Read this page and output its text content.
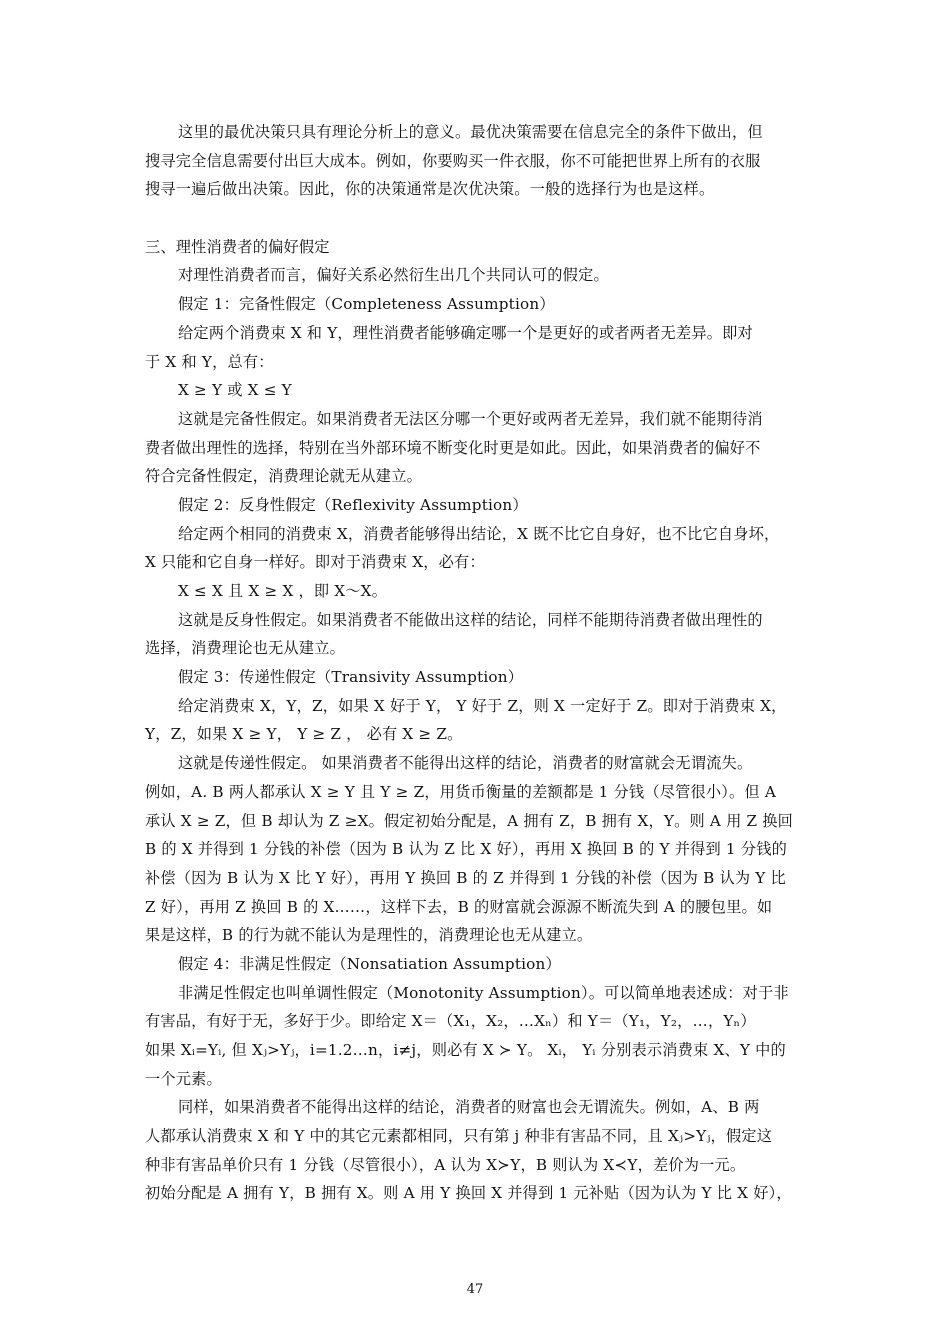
这里的最优决策只具有理论分析上的意义。最优决策需要在信息完全的条件下做出，但
搜寻完全信息需要付出巨大成本。例如，你要购买一件衣服，你不可能把世界上所有的衣服
搜寻一遍后做出决策。因此，你的决策通常是次优决策。一般的选择行为也是这样。
三、理性消费者的偏好假定
对理性消费者而言，偏好关系必然衍生出几个共同认可的假定。
假定 1：完备性假定（Completeness Assumption）
给定两个消费束 X 和 Y，理性消费者能够确定哪一个是更好的或者两者无差异。即对
于 X 和 Y，总有：
X ≥ Y 或 X ≤ Y
这就是完备性假定。如果消费者无法区分哪一个更好或两者无差异，我们就不能期待消
费者做出理性的选择，特别在当外部环境不断变化时更是如此。因此，如果消费者的偏好不
符合完备性假定，消费理论就无从建立。
假定 2：反身性假定（Reflexivity Assumption）
给定两个相同的消费束 X，消费者能够得出结论，X 既不比它自身好，也不比它自身坏，
X 只能和它自身一样好。即对于消费束 X，必有：
X ≤ X 且 X ≥ X ，即 X～X。
这就是反身性假定。如果消费者不能做出这样的结论，同样不能期待消费者做出理性的
选择，消费理论也无从建立。
假定 3：传递性假定（Transivity Assumption）
给定消费束 X，Y，Z，如果 X 好于 Y， Y 好于 Z，则 X 一定好于 Z。即对于消费束 X，
Y，Z，如果 X ≥ Y， Y ≥ Z ， 必有 X ≥ Z。
这就是传递性假定。 如果消费者不能得出这样的结论，消费者的财富就会无谓流失。
例如，A. B 两人都承认 X ≥ Y 且 Y ≥ Z，用货币衡量的差额都是 1 分钱（尽管很小）。但 A
承认 X ≥ Z，但 B 却认为 Z ≥X。假定初始分配是，A 拥有 Z，B 拥有 X，Y。则 A 用 Z 换回
B 的 X 并得到 1 分钱的补偿（因为 B 认为 Z 比 X 好），再用 X 换回 B 的 Y 并得到 1 分钱的
补偿（因为 B 认为 X 比 Y 好），再用 Y 换回 B 的 Z 并得到 1 分钱的补偿（因为 B 认为 Y 比
Z 好），再用 Z 换回 B 的 X……，这样下去，B 的财富就会源源不断流失到 A 的腰包里。如
果是这样，B 的行为就不能认为是理性的，消费理论也无从建立。
假定 4：非满足性假定（Nonsatiation Assumption）
非满足性假定也叫单调性假定（Monotonity Assumption）。可以简单地表述成：对于非
有害品，有好于无，多好于少。即给定 X＝（X₁，X₂，…Xₙ）和 Y＝（Y₁，Y₂，…，Yₙ）
如果 Xᵢ=Yᵢ, 但 Xⱼ>Yⱼ，i=1.2…n，i≠j，则必有 X ≻ Y。 Xᵢ， Yᵢ 分别表示消费束 X、Y 中的
一个元素。
同样，如果消费者不能得出这样的结论，消费者的财富也会无谓流失。例如，A、B 两
人都承认消费束 X 和 Y 中的其它元素都相同，只有第 j 种非有害品不同，且 Xⱼ>Yⱼ，假定这
种非有害品单价只有 1 分钱（尽管很小），A 认为 X≻Y，B 则认为 X≺Y，差价为一元。
初始分配是 A 拥有 Y，B 拥有 X。则 A 用 Y 换回 X 并得到 1 元补贴（因为认为 Y 比 X 好），
47
